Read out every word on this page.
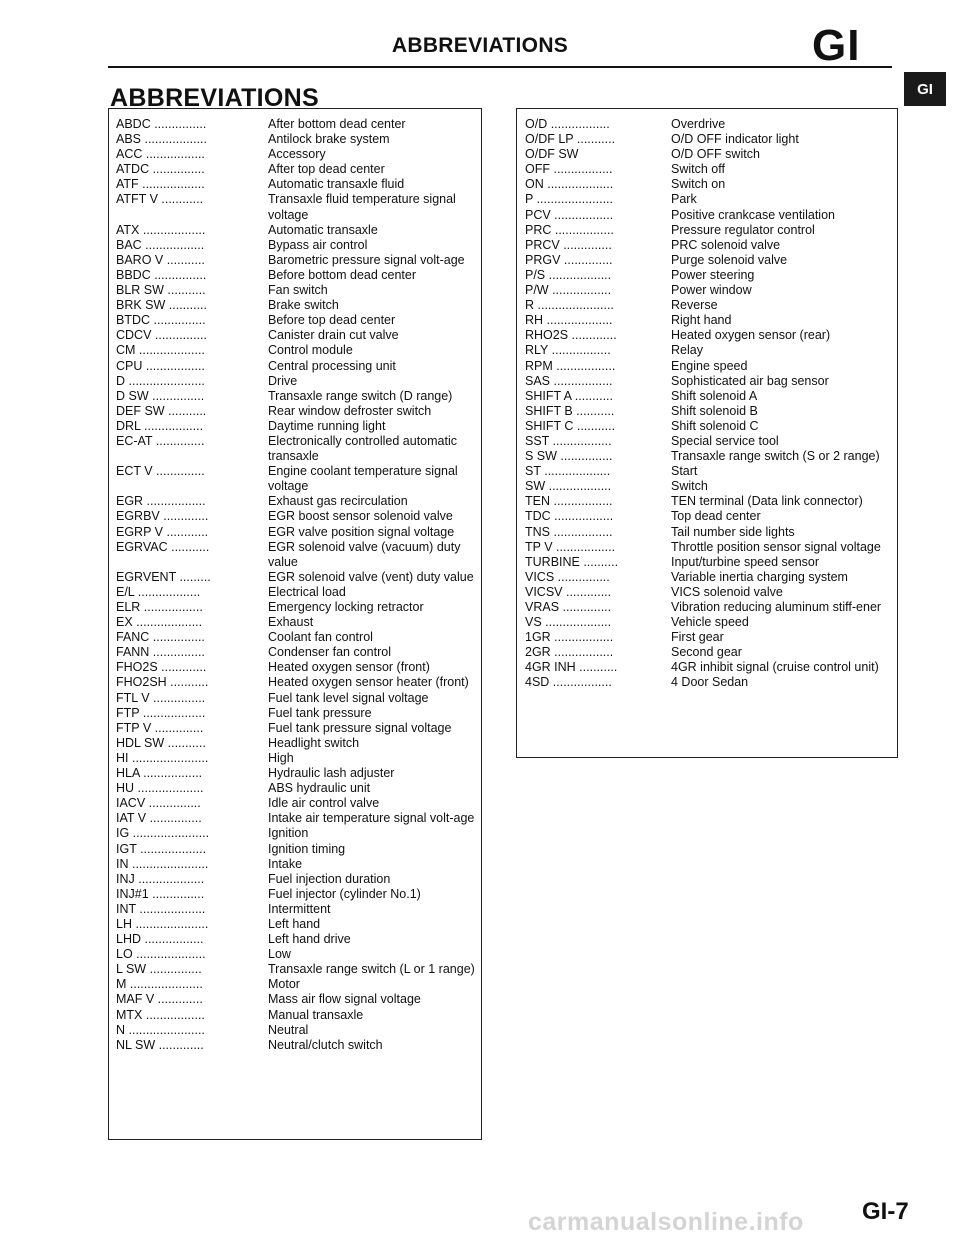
ABBREVIATIONS	GI
GI
ABBREVIATIONS
ABDC ...............	After bottom dead center
ABS ..................	Antilock brake system
ACC .................	Accessory
ATDC ...............	After top dead center
ATF ..................	Automatic transaxle fluid
ATFT V ............	Transaxle fluid temperature signal voltage
ATX ..................	Automatic transaxle
BAC .................	Bypass air control
BARO V ...........	Barometric pressure signal volt-age
BBDC ...............	Before bottom dead center
BLR SW ...........	Fan switch
BRK SW ...........	Brake switch
BTDC ...............	Before top dead center
CDCV ...............	Canister drain cut valve
CM ...................	Control module
CPU .................	Central processing unit
D ......................	Drive
D SW ...............	Transaxle range switch (D range)
DEF SW ...........	Rear window defroster switch
DRL .................	Daytime running light
EC-AT ..............	Electronically controlled automatic transaxle
ECT V ..............	Engine coolant temperature signal voltage
EGR .................	Exhaust gas recirculation
EGRBV .............	EGR boost sensor solenoid valve
EGRP V ............	EGR valve position signal voltage
EGRVAC ...........	EGR solenoid valve (vacuum) duty value
EGRVENT .........	EGR solenoid valve (vent) duty value
E/L ..................	Electrical load
ELR .................	Emergency locking retractor
EX ...................	Exhaust
FANC ...............	Coolant fan control
FANN ...............	Condenser fan control
FHO2S .............	Heated oxygen sensor (front)
FHO2SH ...........	Heated oxygen sensor heater (front)
FTL V ...............	Fuel tank level signal voltage
FTP ..................	Fuel tank pressure
FTP V ..............	Fuel tank pressure signal voltage
HDL SW ...........	Headlight switch
HI ......................	High
HLA .................	Hydraulic lash adjuster
HU ...................	ABS hydraulic unit
IACV ...............	Idle air control valve
IAT V ...............	Intake air temperature signal volt-age
IG ......................	Ignition
IGT ...................	Ignition timing
IN ......................	Intake
INJ ...................	Fuel injection duration
INJ#1 ...............	Fuel injector (cylinder No.1)
INT ...................	Intermittent
LH .....................	Left hand
LHD .................	Left hand drive
LO ....................	Low
L SW ...............	Transaxle range switch (L or 1 range)
M .....................	Motor
MAF V .............	Mass air flow signal voltage
MTX .................	Manual transaxle
N ......................	Neutral
NL SW .............	Neutral/clutch switch
O/D .................	Overdrive
O/DF LP ...........	O/D OFF indicator light
O/DF SW	O/D OFF switch
OFF .................	Switch off
ON ...................	Switch on
P ......................	Park
PCV .................	Positive crankcase ventilation
PRC .................	Pressure regulator control
PRCV ..............	PRC solenoid valve
PRGV ..............	Purge solenoid valve
P/S ..................	Power steering
P/W .................	Power window
R ......................	Reverse
RH ...................	Right hand
RHO2S .............	Heated oxygen sensor (rear)
RLY .................	Relay
RPM .................	Engine speed
SAS .................	Sophisticated air bag sensor
SHIFT A ...........	Shift solenoid A
SHIFT B ...........	Shift solenoid B
SHIFT C ...........	Shift solenoid C
SST .................	Special service tool
S SW ...............	Transaxle range switch (S or 2 range)
ST ...................	Start
SW ..................	Switch
TEN .................	TEN terminal (Data link connector)
TDC .................	Top dead center
TNS .................	Tail number side lights
TP V .................	Throttle position sensor signal voltage
TURBINE ..........	Input/turbine speed sensor
VICS ...............	Variable inertia charging system
VICSV .............	VICS solenoid valve
VRAS ..............	Vibration reducing aluminum stiff-ener
VS ...................	Vehicle speed
1GR .................	First gear
2GR .................	Second gear
4GR INH ...........	4GR inhibit signal (cruise control unit)
4SD .................	4 Door Sedan
carmanualsonline.info GI-7
